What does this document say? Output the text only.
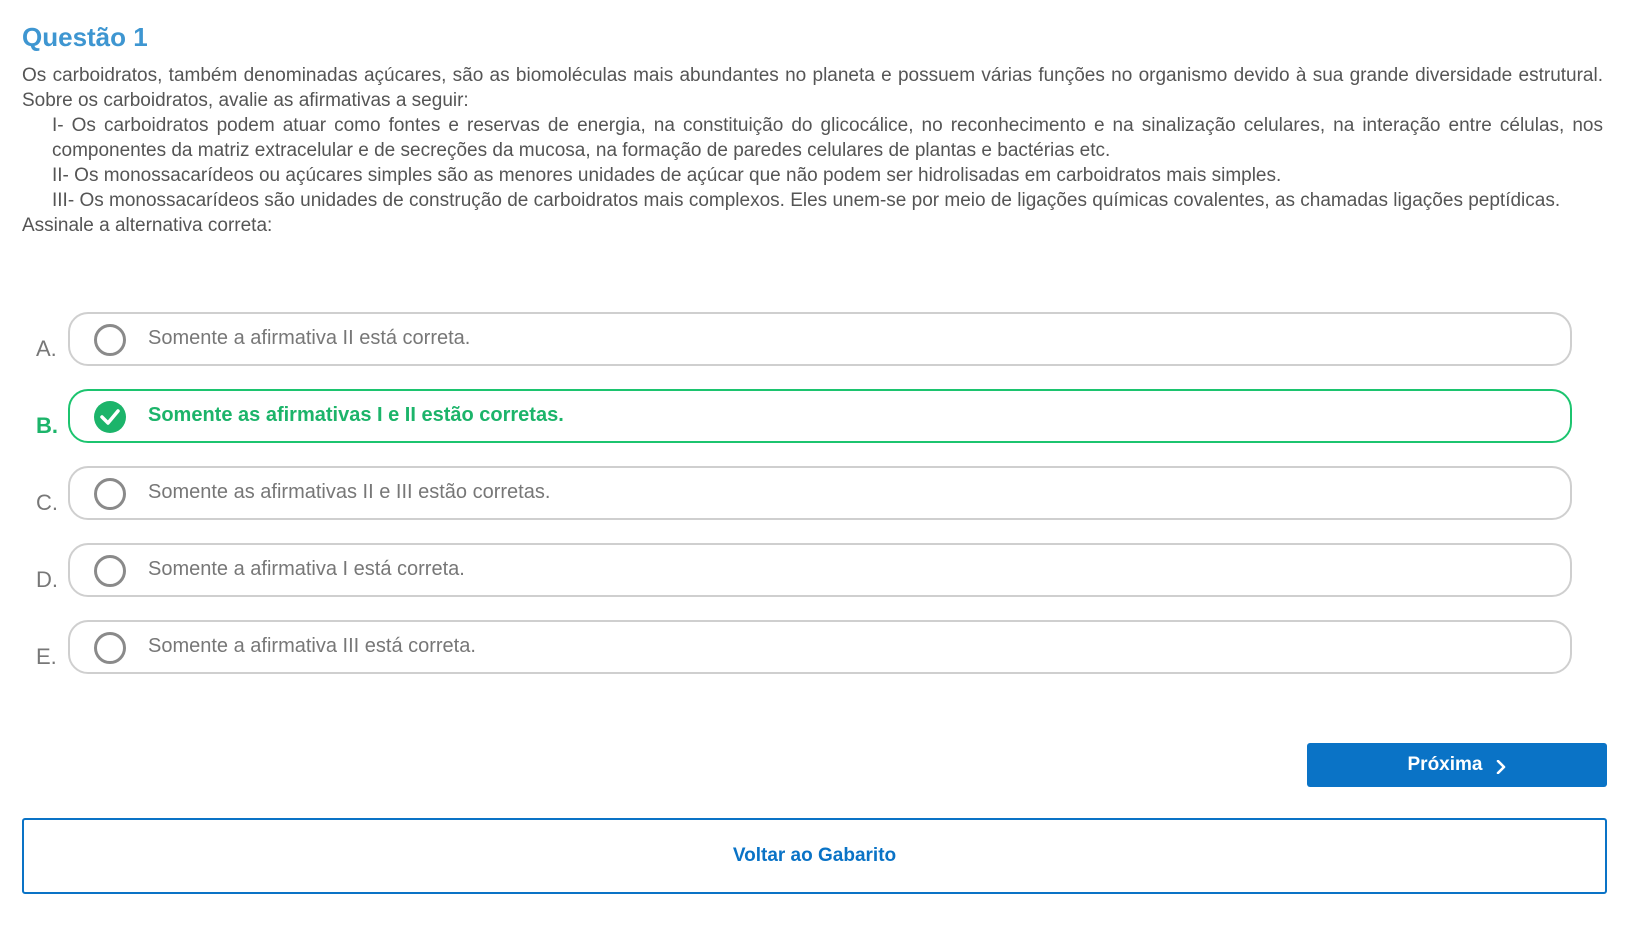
Questão 1

Os carboidratos, também denominadas açúcares, são as biomoléculas mais abundantes no planeta e possuem várias funções no organismo devido à sua grande diversidade estrutural. Sobre os carboidratos, avalie as afirmativas a seguir:

I- Os carboidratos podem atuar como fontes e reservas de energia, na constituição do glicocálice, no reconhecimento e na sinalização celulares, na interação entre células, nos componentes da matriz extracelular e de secreções da mucosa, na formação de paredes celulares de plantas e bactérias etc.
II- Os monossacarídeos ou açúcares simples são as menores unidades de açúcar que não podem ser hidrolisadas em carboidratos mais simples.
III- Os monossacarídeos são unidades de construção de carboidratos mais complexos. Eles unem-se por meio de ligações químicas covalentes, as chamadas ligações peptídicas.

Assinale a alternativa correta:

A.	Somente a afirmativa II está correta.
B.	Somente as afirmativas I e II estão corretas.
C.	Somente as afirmativas II e III estão corretas.
D.	Somente a afirmativa I está correta.
E.	Somente a afirmativa III está correta.
Próxima
Voltar ao Gabarito
